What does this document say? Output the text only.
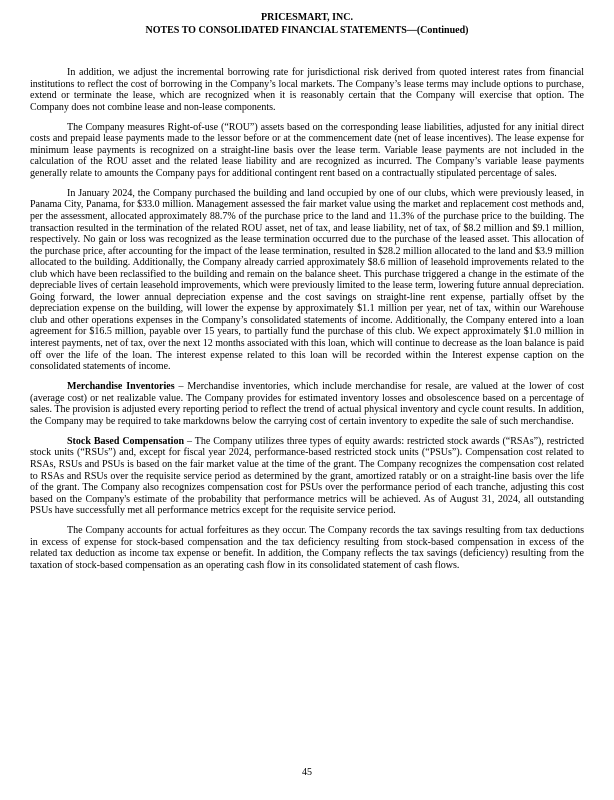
PRICESMART, INC.
NOTES TO CONSOLIDATED FINANCIAL STATEMENTS—(Continued)

In addition, we adjust the incremental borrowing rate for jurisdictional risk derived from quoted interest rates from financial institutions to reflect the cost of borrowing in the Company’s local markets. The Company’s lease terms may include options to purchase, extend or terminate the lease, which are recognized when it is reasonably certain that the Company will exercise that option. The Company does not combine lease and non-lease components.

The Company measures Right-of-use (“ROU”) assets based on the corresponding lease liabilities, adjusted for any initial direct costs and prepaid lease payments made to the lessor before or at the commencement date (net of lease incentives). The lease expense for minimum lease payments is recognized on a straight-line basis over the lease term. Variable lease payments are not included in the calculation of the ROU asset and the related lease liability and are recognized as incurred. The Company’s variable lease payments generally relate to amounts the Company pays for additional contingent rent based on a contractually stipulated percentage of sales.

In January 2024, the Company purchased the building and land occupied by one of our clubs, which were previously leased, in Panama City, Panama, for $33.0 million. Management assessed the fair market value using the market and replacement cost methods and, per the assessment, allocated approximately 88.7% of the purchase price to the land and 11.3% of the purchase price to the building. The transaction resulted in the termination of the related ROU asset, net of tax, and lease liability, net of tax, of $8.2 million and $9.1 million, respectively. No gain or loss was recognized as the lease termination occurred due to the purchase of the leased asset. This allocation of the purchase price, after accounting for the impact of the lease termination, resulted in $28.2 million allocated to the land and $3.9 million allocated to the building. Additionally, the Company already carried approximately $8.6 million of leasehold improvements related to the club which have been reclassified to the building and remain on the balance sheet. This purchase triggered a change in the estimate of the depreciable lives of certain leasehold improvements, which were previously limited to the lease term, lowering future annual depreciation. Going forward, the lower annual depreciation expense and the cost savings on straight-line rent expense, partially offset by the depreciation expense on the building, will lower the expense by approximately $1.1 million per year, net of tax, within our Warehouse club and other operations expenses in the Company’s consolidated statements of income. Additionally, the Company entered into a loan agreement for $16.5 million, payable over 15 years, to partially fund the purchase of this club. We expect approximately $1.0 million in interest payments, net of tax, over the next 12 months associated with this loan, which will continue to decrease as the loan balance is paid off over the life of the loan. The interest expense related to this loan will be recorded within the Interest expense caption on the consolidated statements of income.

Merchandise Inventories – Merchandise inventories, which include merchandise for resale, are valued at the lower of cost (average cost) or net realizable value. The Company provides for estimated inventory losses and obsolescence based on a percentage of sales. The provision is adjusted every reporting period to reflect the trend of actual physical inventory and cycle count results. In addition, the Company may be required to take markdowns below the carrying cost of certain inventory to expedite the sale of such merchandise.

Stock Based Compensation – The Company utilizes three types of equity awards: restricted stock awards (“RSAs”), restricted stock units (“RSUs”) and, except for fiscal year 2024, performance-based restricted stock units (“PSUs”). Compensation cost related to RSAs, RSUs and PSUs is based on the fair market value at the time of the grant. The Company recognizes the compensation cost related to RSAs and RSUs over the requisite service period as determined by the grant, amortized ratably or on a straight-line basis over the life of the grant. The Company also recognizes compensation cost for PSUs over the performance period of each tranche, adjusting this cost based on the Company's estimate of the probability that performance metrics will be achieved. As of August 31, 2024, all outstanding PSUs have successfully met all performance metrics except for the requisite service period.

The Company accounts for actual forfeitures as they occur. The Company records the tax savings resulting from tax deductions in excess of expense for stock-based compensation and the tax deficiency resulting from stock-based compensation in excess of the related tax deduction as income tax expense or benefit. In addition, the Company reflects the tax savings (deficiency) resulting from the taxation of stock-based compensation as an operating cash flow in its consolidated statement of cash flows.

45
